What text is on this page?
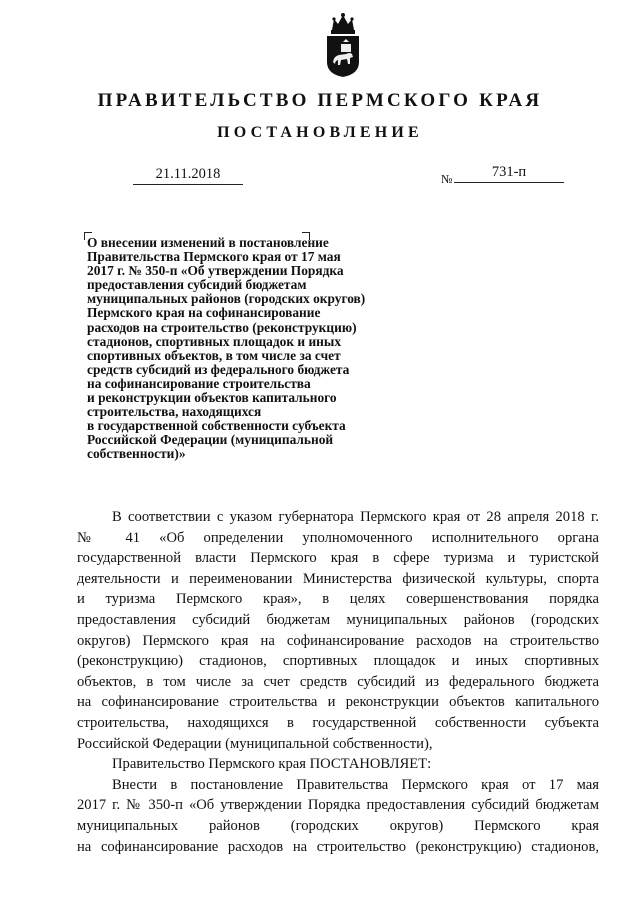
ПРАВИТЕЛЬСТВО ПЕРМСКОГО КРАЯ
ПОСТАНОВЛЕНИЕ
21.11.2018	№	731-п
О внесении изменений в постановление
Правительства Пермского края от 17 мая
2017 г. № 350-п «Об утверждении Порядка
предоставления субсидий бюджетам
муниципальных районов (городских округов)
Пермского края на софинансирование
расходов на строительство (реконструкцию)
стадионов, спортивных площадок и иных
спортивных объектов, в том числе за счет
средств субсидий из федерального бюджета
на софинансирование строительства
и реконструкции объектов капитального
строительства, находящихся
в государственной собственности субъекта
Российской Федерации (муниципальной
собственности)»
В соответствии с указом губернатора Пермского края от 28 апреля 2018 г.
№ 41 «Об определении уполномоченного исполнительного органа
государственной власти Пермского края в сфере туризма и туристской
деятельности и переименовании Министерства физической культуры, спорта
и туризма Пермского края», в целях совершенствования порядка
предоставления субсидий бюджетам муниципальных районов (городских
округов) Пермского края на софинансирование расходов на строительство
(реконструкцию) стадионов, спортивных площадок и иных спортивных
объектов, в том числе за счет средств субсидий из федерального бюджета
на софинансирование строительства и реконструкции объектов капитального
строительства, находящихся в государственной собственности субъекта
Российской Федерации (муниципальной собственности),
Правительство Пермского края ПОСТАНОВЛЯЕТ:
Внести в постановление Правительства Пермского края от 17 мая
2017 г. № 350-п «Об утверждении Порядка предоставления субсидий бюджетам
муниципальных районов (городских округов) Пермского края
на софинансирование расходов на строительство (реконструкцию) стадионов,
